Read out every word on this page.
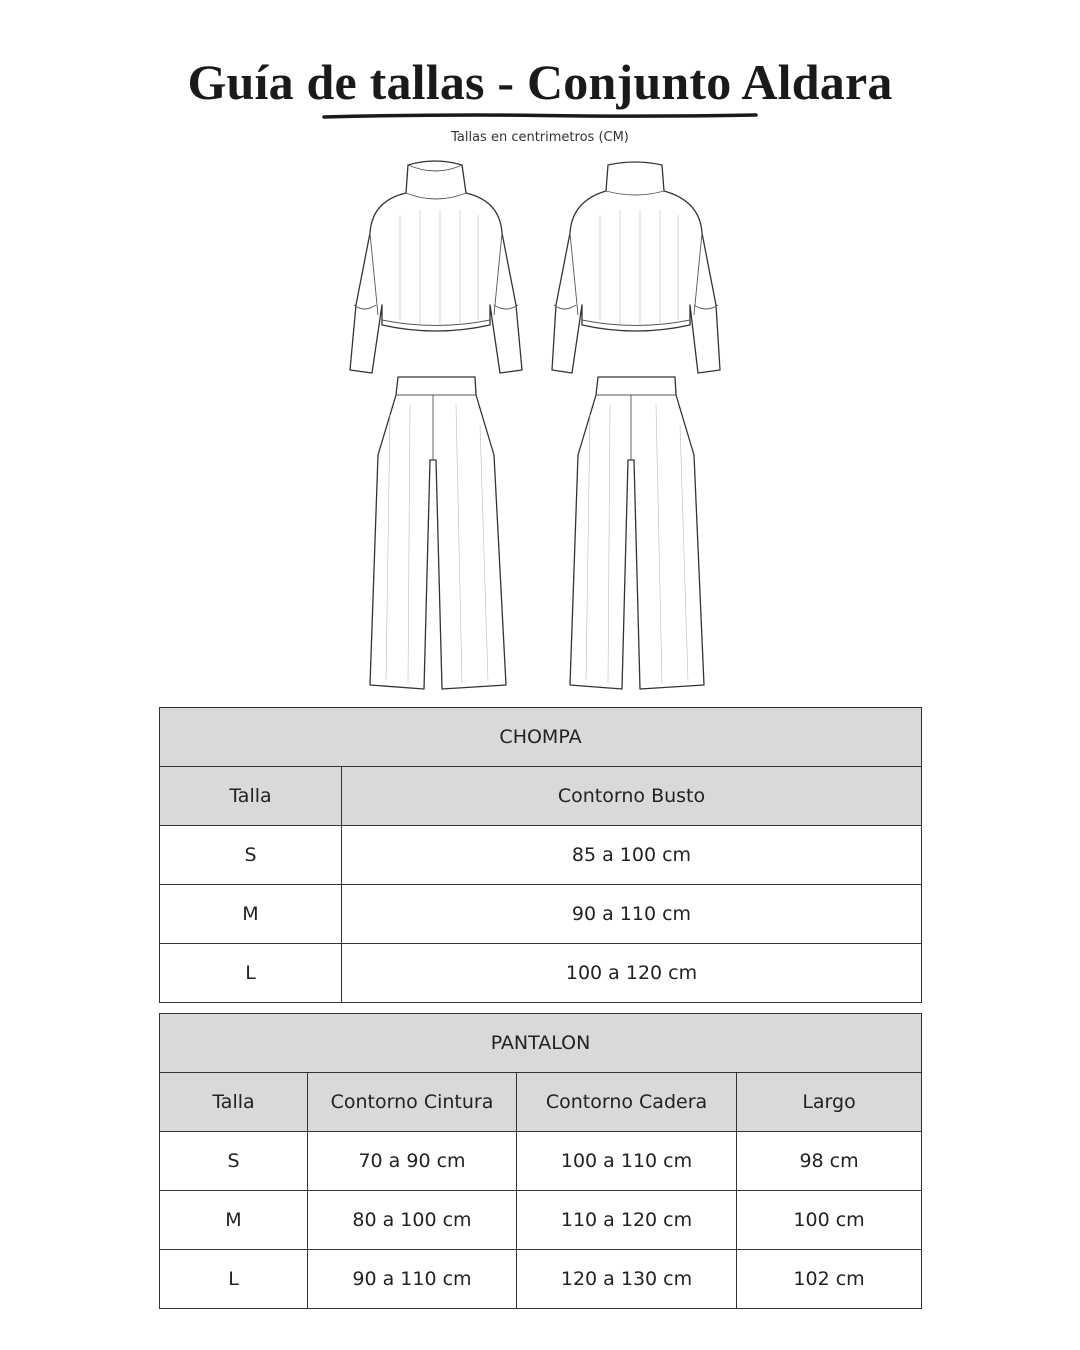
Guía de tallas - Conjunto Aldara
Tallas en centrimetros (CM)
CHOMPA	
Talla	Contorno Busto
S	85 a 100 cm
M	90 a 110 cm
L	100 a 120 cm
PANTALON			
Talla	Contorno Cintura	Contorno Cadera	Largo
S	70 a 90 cm	100 a 110 cm	98 cm
M	80 a 100 cm	110 a 120 cm	100 cm
L	90 a 110 cm	120 a 130 cm	102 cm
